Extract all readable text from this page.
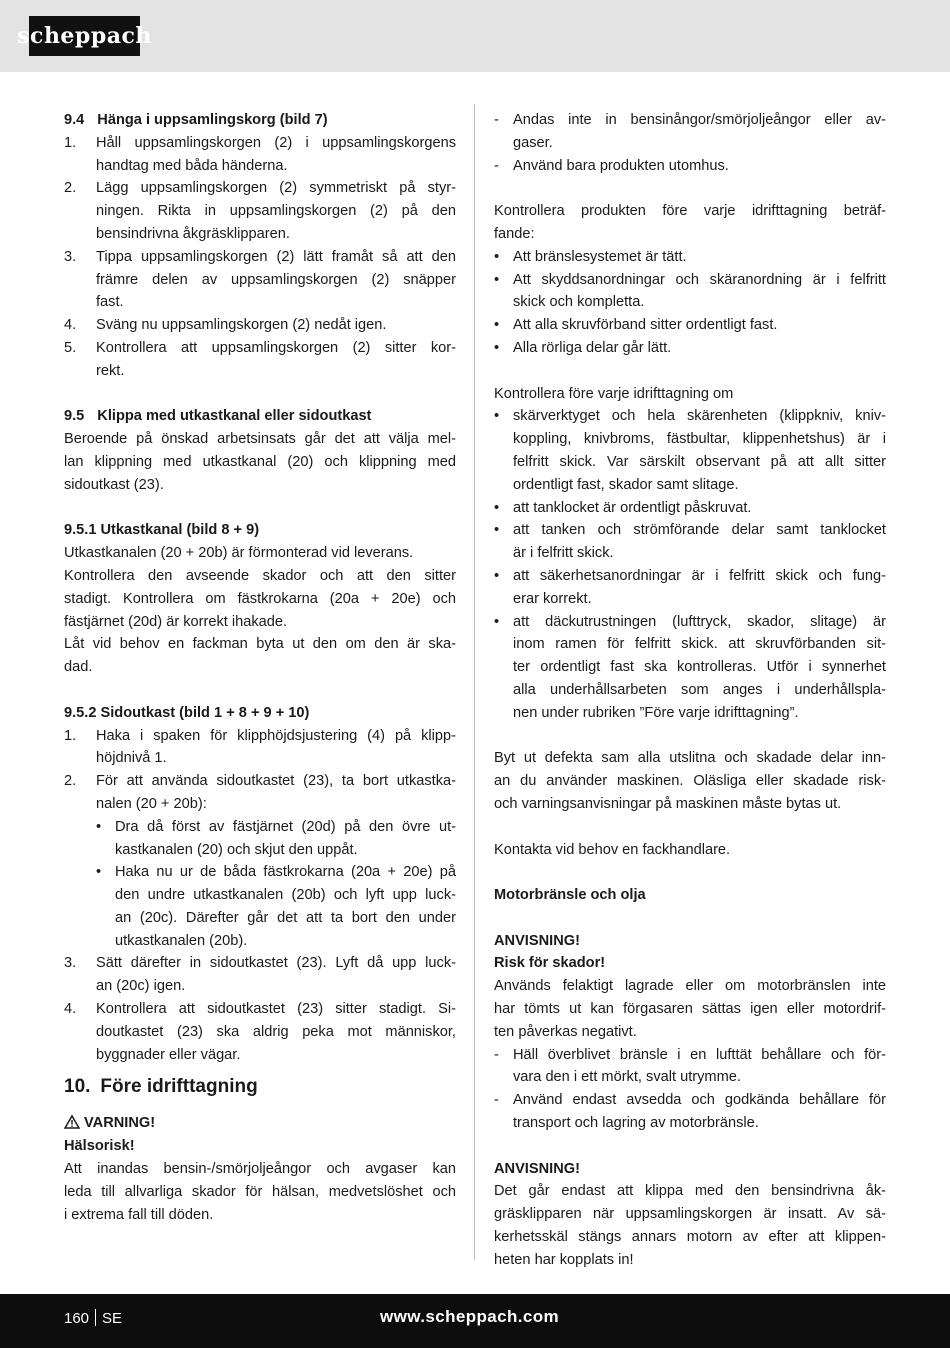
scheppach
9.4 Hänga i uppsamlingskorg (bild 7)
1. Håll uppsamlingskorgen (2) i uppsamlingskorgens
handtag med båda händerna.
2. Lägg uppsamlingskorgen (2) symmetriskt på styr-
ningen. Rikta in uppsamlingskorgen (2) på den
bensindrivna åkgräsklipparen.
3. Tippa uppsamlingskorgen (2) lätt framåt så att den
främre delen av uppsamlingskorgen (2) snäpper
fast.
4. Sväng nu uppsamlingskorgen (2) nedåt igen.
5. Kontrollera att uppsamlingskorgen (2) sitter kor-
rekt.
9.5 Klippa med utkastkanal eller sidoutkast
Beroende på önskad arbetsinsats går det att välja mel-
lan klippning med utkastkanal (20) och klippning med
sidoutkast (23).
9.5.1 Utkastkanal (bild 8 + 9)
Utkastkanalen (20 + 20b) är förmonterad vid leverans.
Kontrollera den avseende skador och att den sitter
stadigt. Kontrollera om fästkrokarna (20a + 20e) och
fästjärnet (20d) är korrekt ihakade.
Låt vid behov en fackman byta ut den om den är ska-
dad.
9.5.2 Sidoutkast (bild 1 + 8 + 9 + 10)
1. Haka i spaken för klipphöjdsjustering (4) på klipp-
höjdnivå 1.
2. För att använda sidoutkastet (23), ta bort utkastka-
nalen (20 + 20b):
• Dra då först av fästjärnet (20d) på den övre ut-
kastkanalen (20) och skjut den uppåt.
• Haka nu ur de båda fästkrokarna (20a + 20e) på
den undre utkastkanalen (20b) och lyft upp luck-
an (20c). Därefter går det att ta bort den under
utkastkanalen (20b).
3. Sätt därefter in sidoutkastet (23). Lyft då upp luck-
an (20c) igen.
4. Kontrollera att sidoutkastet (23) sitter stadigt. Si-
doutkastet (23) ska aldrig peka mot människor,
byggnader eller vägar.
10. Före idrifttagning
VARNING!
Hälsorisk!
Att inandas bensin-/smörjoljeångor och avgaser kan
leda till allvarliga skador för hälsan, medvetslöshet och
i extrema fall till döden.
- Andas inte in bensinångor/smörjoljeångor eller av-
gaser.
- Använd bara produkten utomhus.
Kontrollera produkten före varje idrifttagning beträf-
fande:
• Att bränslesystemet är tätt.
• Att skyddsanordningar och skäranordning är i felfritt
skick och kompletta.
• Att alla skruvförband sitter ordentligt fast.
• Alla rörliga delar går lätt.
Kontrollera före varje idrifttagning om
• skärverktyget och hela skärenheten (klippkniv, kniv-
koppling, knivbroms, fästbultar, klippenhetshus) är i
felfritt skick. Var särskilt observant på att allt sitter
ordentligt fast, skador samt slitage.
• att tanklocket är ordentligt påskruvat.
• att tanken och strömförande delar samt tanklocket
är i felfritt skick.
• att säkerhetsanordningar är i felfritt skick och fung-
erar korrekt.
• att däckutrustningen (lufttryck, skador, slitage) är
inom ramen för felfritt skick. att skruvförbanden sit-
ter ordentligt fast ska kontrolleras. Utför i synnerhet
alla underhållsarbeten som anges i underhållspla-
nen under rubriken ”Före varje idrifttagning”.
Byt ut defekta sam alla utslitna och skadade delar inn-
an du använder maskinen. Oläsliga eller skadade risk-
och varningsanvisningar på maskinen måste bytas ut.
Kontakta vid behov en fackhandlare.
Motorbränsle och olja
ANVISNING!
Risk för skador!
Används felaktigt lagrade eller om motorbränslen inte
har tömts ut kan förgasaren sättas igen eller motordrif-
ten påverkas negativt.
- Häll överblivet bränsle i en lufttät behållare och för-
vara den i ett mörkt, svalt utrymme.
- Använd endast avsedda och godkända behållare för
transport och lagring av motorbränsle.
ANVISNING!
Det går endast att klippa med den bensindrivna åk-
gräsklipparen när uppsamlingskorgen är insatt. Av sä-
kerhetsskäl stängs annars motorn av efter att klippen-
heten har kopplats in!
160 SE	www.scheppach.com
